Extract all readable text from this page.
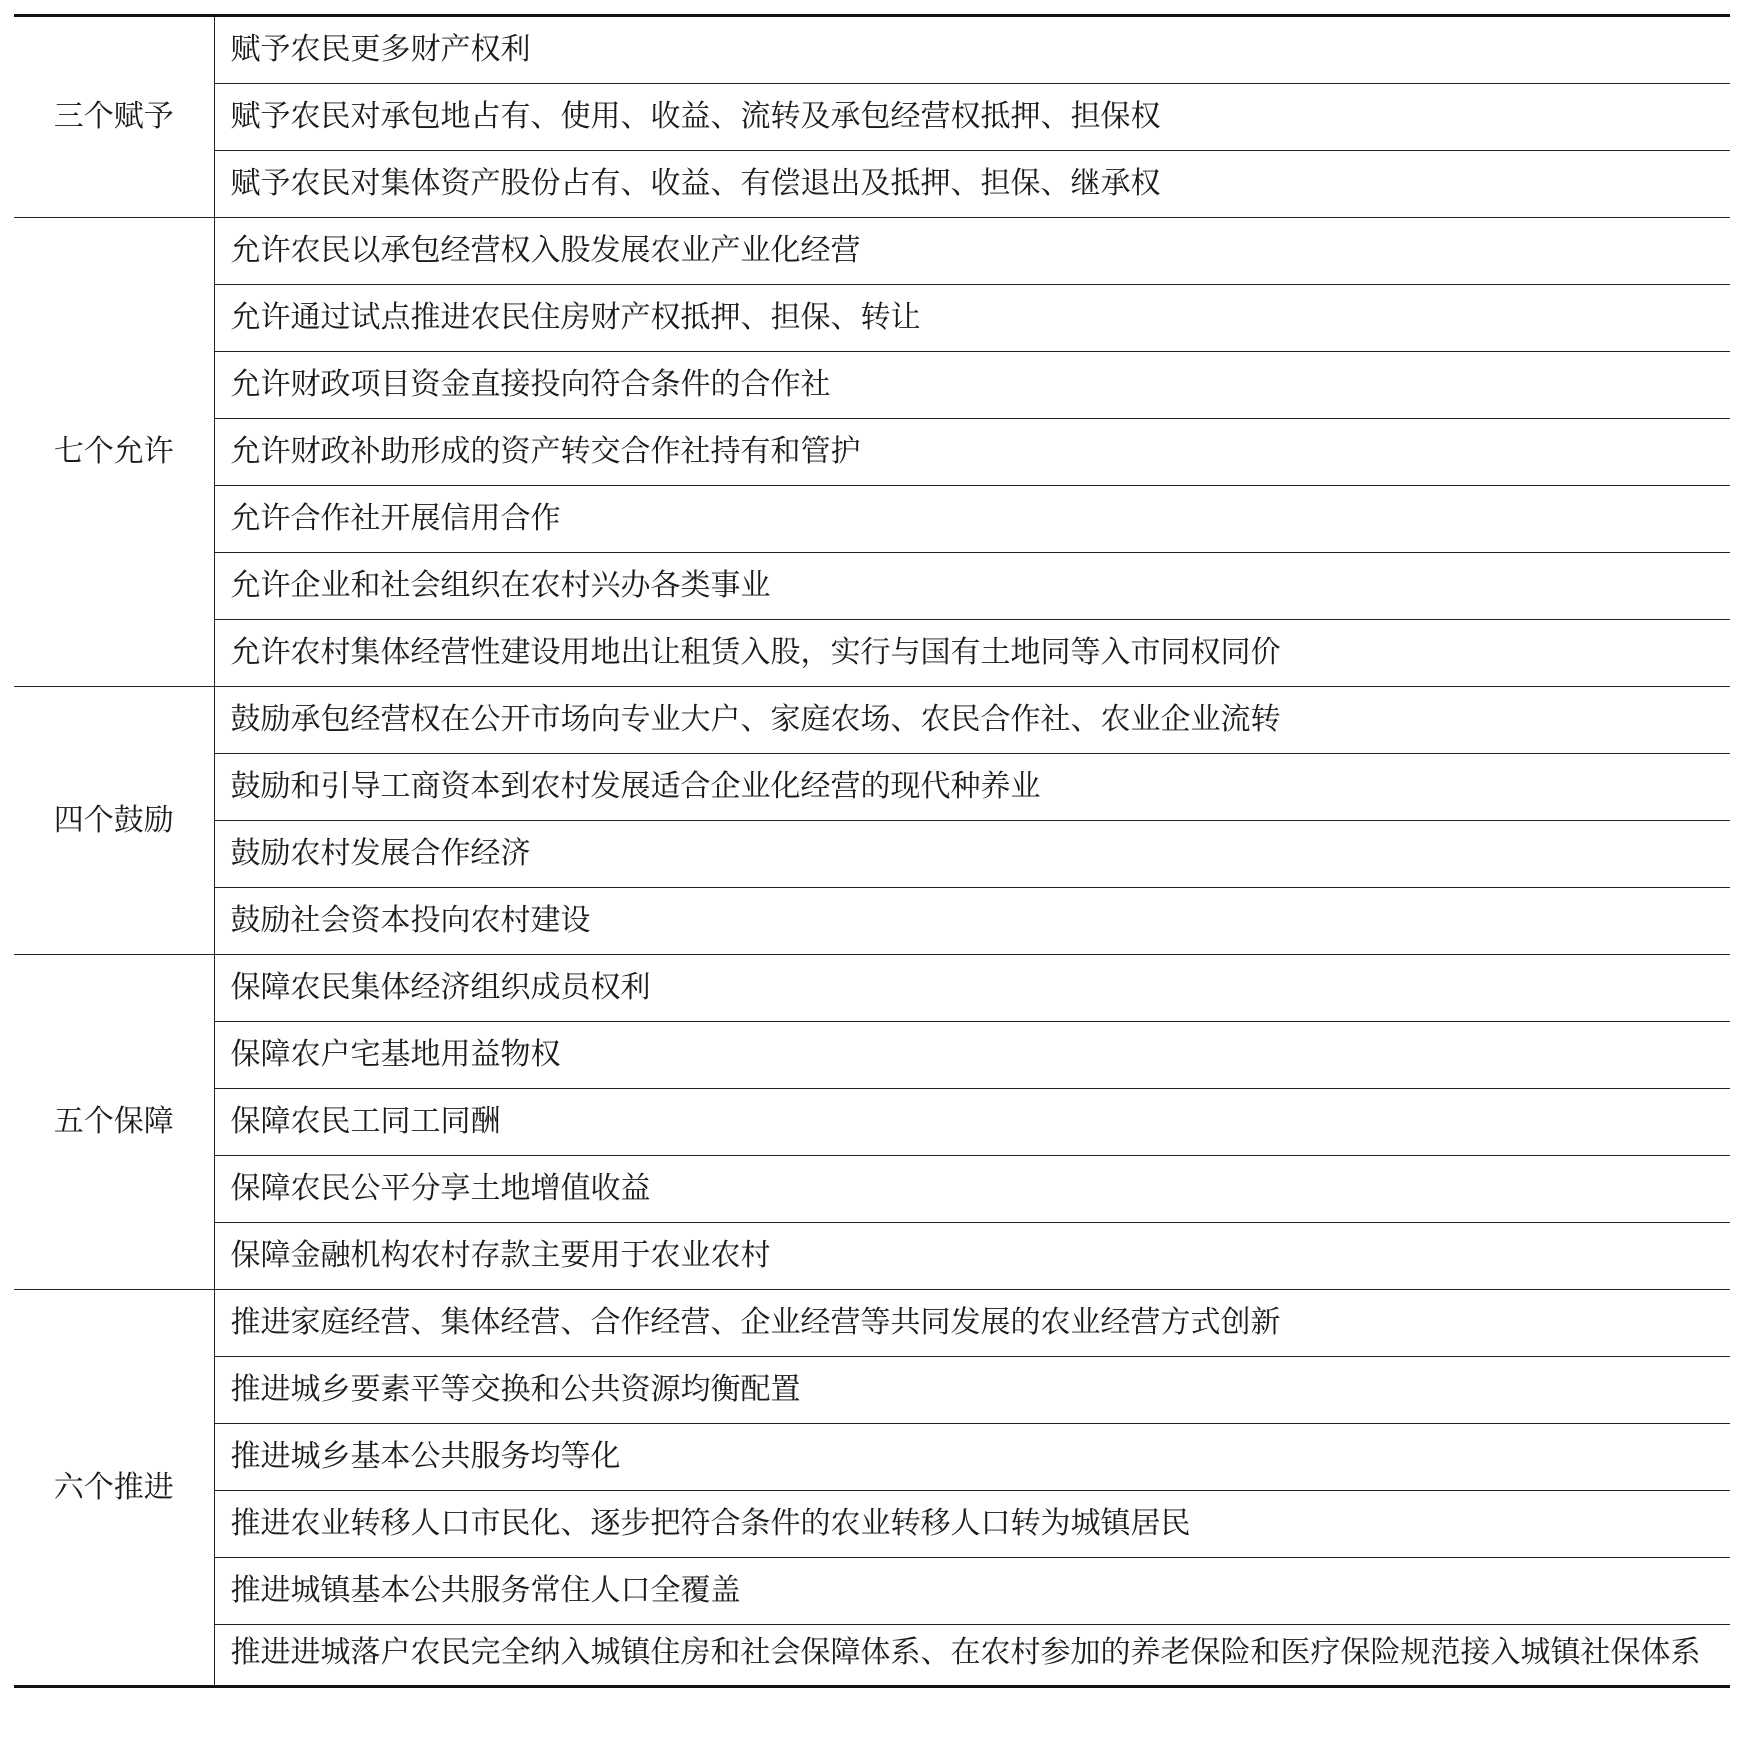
三个赋予	赋予农民更多财产权利
	赋予农民对承包地占有、使用、收益、流转及承包经营权抵押、担保权
	赋予农民对集体资产股份占有、收益、有偿退出及抵押、担保、继承权
七个允许	允许农民以承包经营权入股发展农业产业化经营
	允许通过试点推进农民住房财产权抵押、担保、转让
	允许财政项目资金直接投向符合条件的合作社
	允许财政补助形成的资产转交合作社持有和管护
	允许合作社开展信用合作
	允许企业和社会组织在农村兴办各类事业
	允许农村集体经营性建设用地出让租赁入股，实行与国有土地同等入市同权同价
四个鼓励	鼓励承包经营权在公开市场向专业大户、家庭农场、农民合作社、农业企业流转
	鼓励和引导工商资本到农村发展适合企业化经营的现代种养业
	鼓励农村发展合作经济
	鼓励社会资本投向农村建设
五个保障	保障农民集体经济组织成员权利
	保障农户宅基地用益物权
	保障农民工同工同酬
	保障农民公平分享土地增值收益
	保障金融机构农村存款主要用于农业农村
六个推进	推进家庭经营、集体经营、合作经营、企业经营等共同发展的农业经营方式创新
	推进城乡要素平等交换和公共资源均衡配置
	推进城乡基本公共服务均等化
	推进农业转移人口市民化、逐步把符合条件的农业转移人口转为城镇居民
	推进城镇基本公共服务常住人口全覆盖
	推进进城落户农民完全纳入城镇住房和社会保障体系、在农村参加的养老保险和医疗保险规范接入城镇社保体系
